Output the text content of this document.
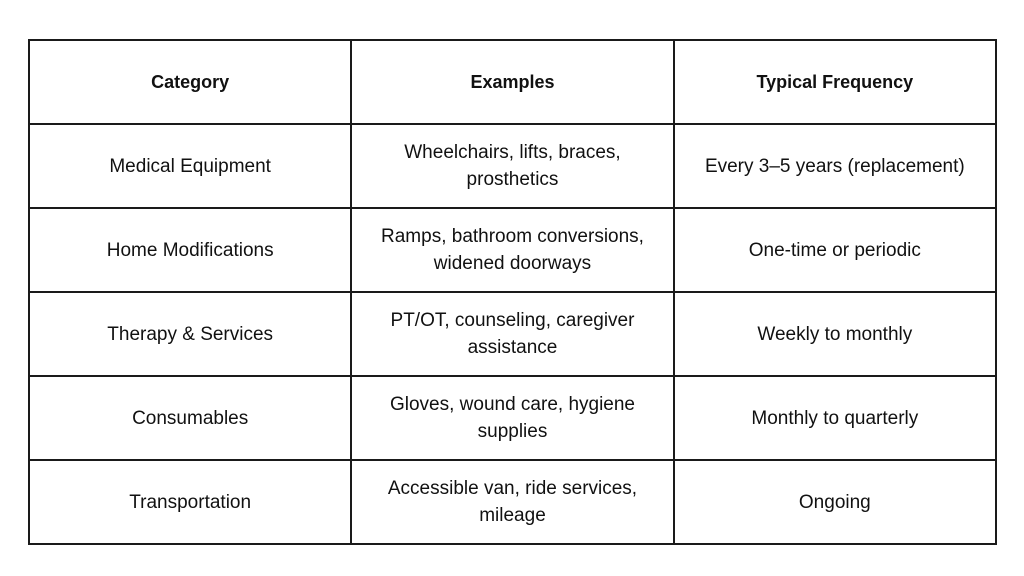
Category	Examples	Typical Frequency
Medical Equipment	Wheelchairs, lifts, braces, prosthetics	Every 3–5 years (replacement)
Home Modifications	Ramps, bathroom conversions, widened doorways	One-time or periodic
Therapy & Services	PT/OT, counseling, caregiver assistance	Weekly to monthly
Consumables	Gloves, wound care, hygiene supplies	Monthly to quarterly
Transportation	Accessible van, ride services, mileage	Ongoing
